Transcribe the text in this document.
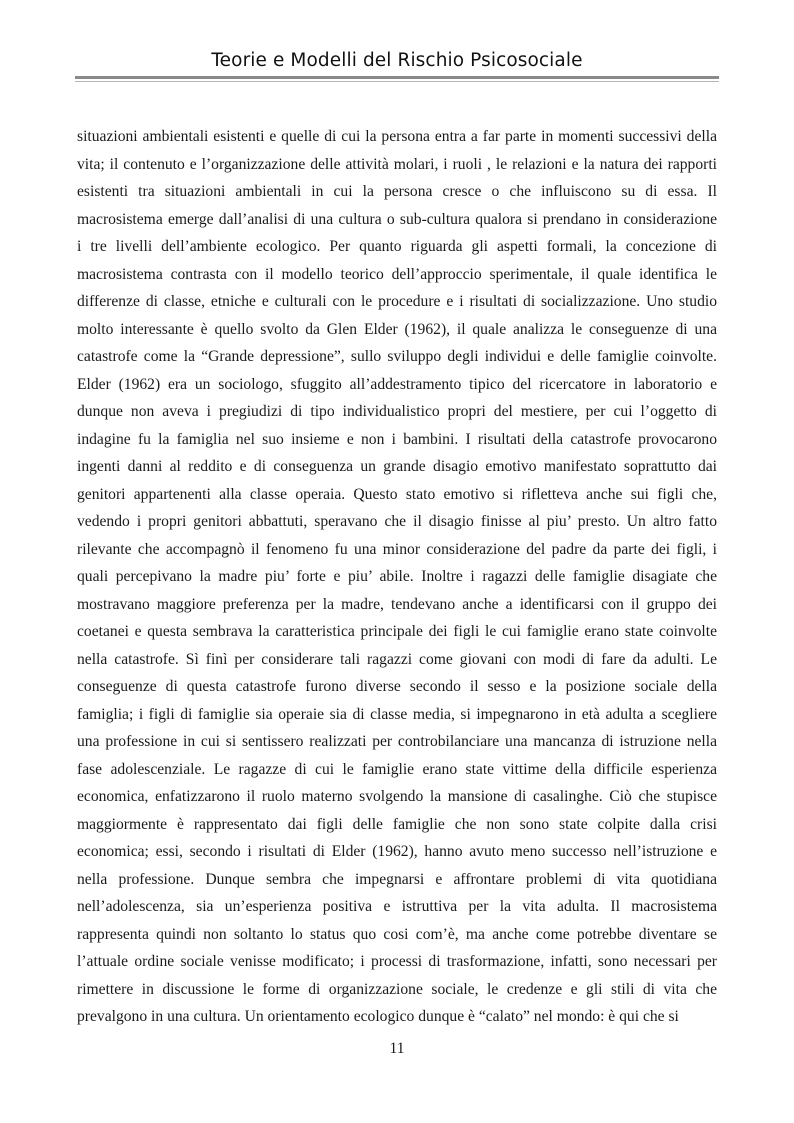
Teorie e Modelli del Rischio Psicosociale
situazioni ambientali esistenti e quelle di cui la persona entra a far parte in momenti successivi della
vita; il contenuto e l’organizzazione delle attività molari, i ruoli , le relazioni e la natura dei rapporti
esistenti tra situazioni ambientali in cui la persona cresce o che influiscono su di essa. Il
macrosistema emerge dall’analisi di una cultura o sub-cultura qualora si prendano in considerazione
i tre livelli dell’ambiente ecologico. Per quanto riguarda gli aspetti formali, la concezione di
macrosistema contrasta con il modello teorico dell’approccio sperimentale, il quale identifica le
differenze di classe, etniche e culturali con le procedure e i risultati di socializzazione. Uno studio
molto interessante è quello svolto da Glen Elder (1962), il quale analizza le conseguenze di una
catastrofe come la “Grande depressione”, sullo sviluppo degli individui e delle famiglie coinvolte.
Elder (1962) era un sociologo, sfuggito all’addestramento tipico del ricercatore in laboratorio e
dunque non aveva i pregiudizi di tipo individualistico propri del mestiere, per cui l’oggetto di
indagine fu la famiglia nel suo insieme e non i bambini. I risultati della catastrofe provocarono
ingenti danni al reddito e di conseguenza un grande disagio emotivo manifestato soprattutto dai
genitori appartenenti alla classe operaia. Questo stato emotivo si rifletteva anche sui figli che,
vedendo i propri genitori abbattuti, speravano che il disagio finisse al piu’ presto. Un altro fatto
rilevante che accompagnò il fenomeno fu una minor considerazione del padre da parte dei figli, i
quali percepivano la madre piu’ forte e piu’ abile. Inoltre i ragazzi delle famiglie disagiate che
mostravano maggiore preferenza per la madre, tendevano anche a identificarsi con il gruppo dei
coetanei e questa sembrava la caratteristica principale dei figli le cui famiglie erano state coinvolte
nella catastrofe. Sì finì per considerare tali ragazzi come giovani con modi di fare da adulti. Le
conseguenze di questa catastrofe furono diverse secondo il sesso e la posizione sociale della
famiglia; i figli di famiglie sia operaie sia di classe media, si impegnarono in età adulta a scegliere
una professione in cui si sentissero realizzati per controbilanciare una mancanza di istruzione nella
fase adolescenziale. Le ragazze di cui le famiglie erano state vittime della difficile esperienza
economica, enfatizzarono il ruolo materno svolgendo la mansione di casalinghe. Ciò che stupisce
maggiormente è rappresentato dai figli delle famiglie che non sono state colpite dalla crisi
economica; essi, secondo i risultati di Elder (1962), hanno avuto meno successo nell’istruzione e
nella professione. Dunque sembra che impegnarsi e affrontare problemi di vita quotidiana
nell’adolescenza, sia un’esperienza positiva e istruttiva per la vita adulta. Il macrosistema
rappresenta quindi non soltanto lo status quo cosi com’è, ma anche come potrebbe diventare se
l’attuale ordine sociale venisse modificato; i processi di trasformazione, infatti, sono necessari per
rimettere in discussione le forme di organizzazione sociale, le credenze e gli stili di vita che
prevalgono in una cultura. Un orientamento ecologico dunque è “calato” nel mondo: è qui che si
11
